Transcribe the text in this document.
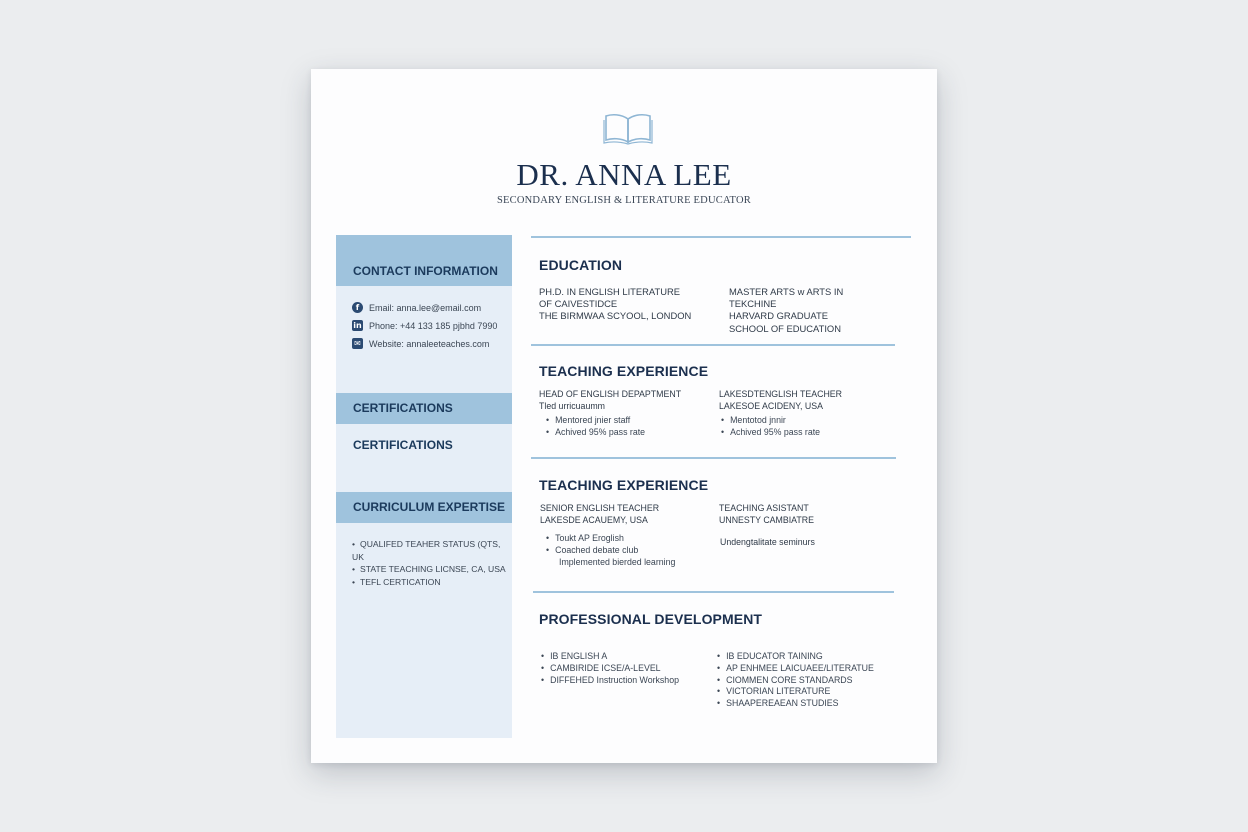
DR. ANNA LEE
SECONDARY ENGLISH & LITERATURE EDUCATOR
CONTACT INFORMATION
f	Email: anna.lee@email.com
in Phone: +44 133 185 pjbhd 7990
✉ Website: annaleeteaches.com
CERTIFICATIONS
CERTIFICATIONS
CURRICULUM EXPERTISE
• QUALIFED TEAHER STATUS (QTS, UK
• STATE TEACHING LICNSE, CA, USA
• TEFL CERTICATION
EDUCATION
PH.D. IN ENGLISH LITERATURE
OF CAIVESTIDCE
THE BIRMWAA SCYOOL, LONDON
MASTER ARTS w ARTS IN
TEKCHINE
HARVARD GRADUATE
SCHOOL OF EDUCATION
TEACHING EXPERIENCE
HEAD OF ENGLISH DEPAPTMENT
Tled urricuaumm
• Mentored jnier staff
• Achived 95% pass rate
LAKESDTENGLISH TEACHER
LAKESOE ACIDENY, USA
• Mentotod jnnir
• Achived 95% pass rate
TEACHING EXPERIENCE
SENIOR ENGLISH TEACHER
LAKESDE ACAUEMY, USA
• Toukt AP Eroglish
• Coached debate club
Implemented bierded learning
TEACHING ASISTANT
UNNESTY CAMBIATRE
Undengtalitate seminurs
PROFESSIONAL DEVELOPMENT
• IB ENGLISH A
• CAMBIRIDE ICSE/A-LEVEL
• DIFFEHED Instruction Workshop
• IB EDUCATOR TAINING
• AP ENHMEE LAICUAEE/LITERATUE
• CIOMMEN CORE STANDARDS
• VICTORIAN LITERATURE
• SHAAPEREAEAN STUDIES
